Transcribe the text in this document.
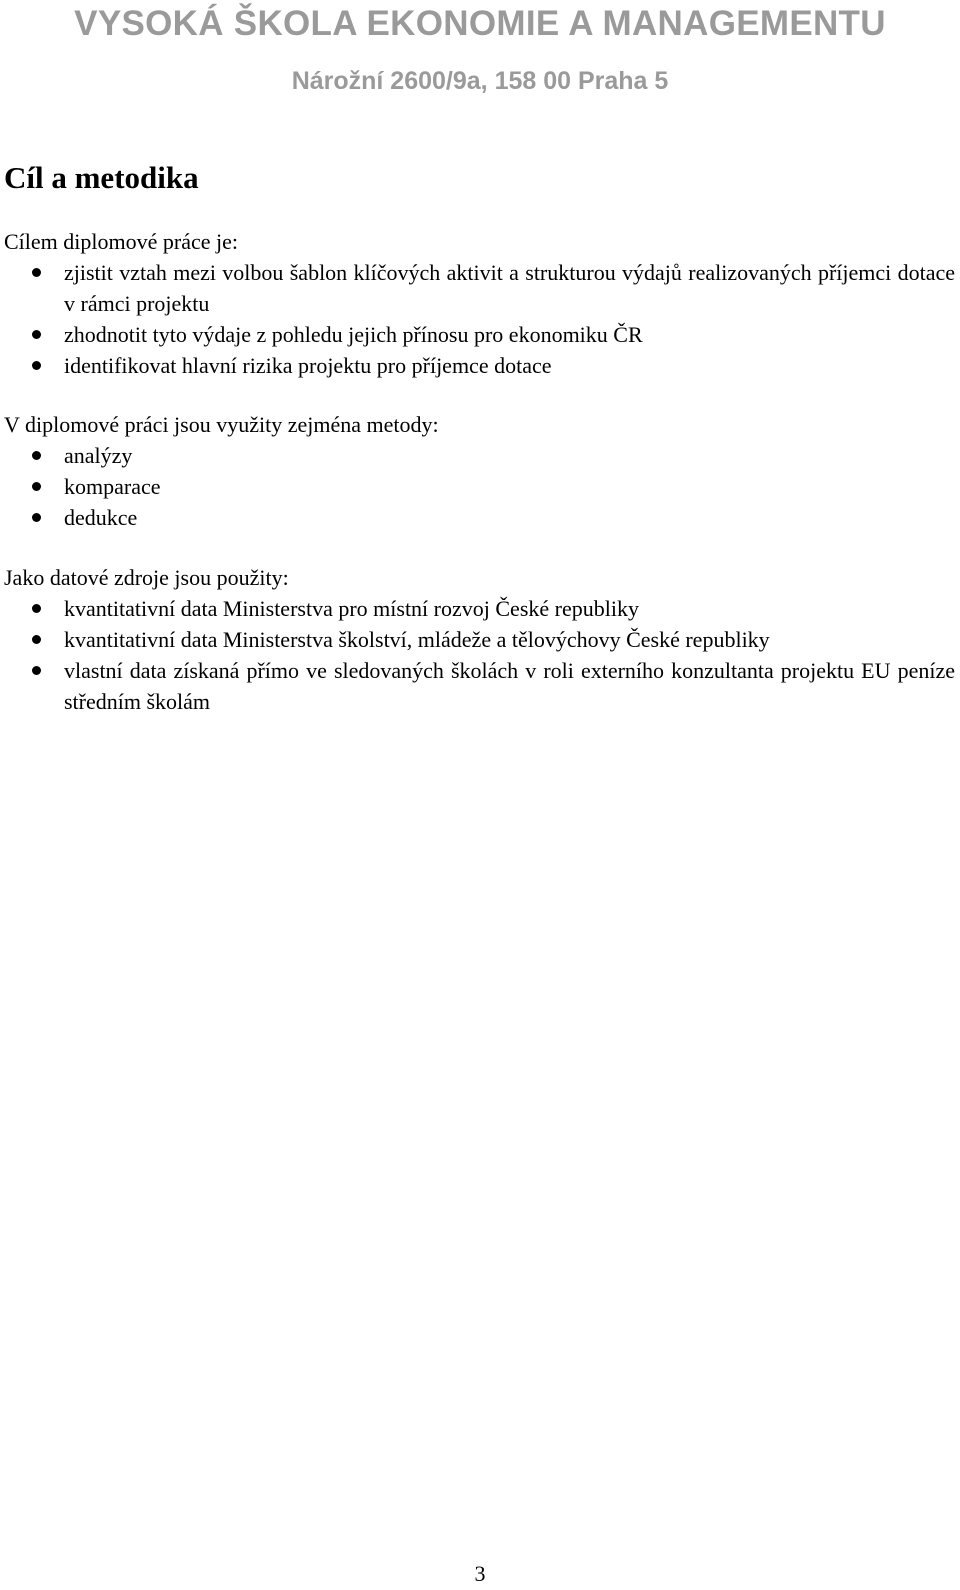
VYSOKÁ ŠKOLA EKONOMIE A MANAGEMENTU
Nárožní 2600/9a, 158 00 Praha 5
Cíl a metodika
Cílem diplomové práce je:
zjistit vztah mezi volbou šablon klíčových aktivit a strukturou výdajů realizovaných příjemci dotace v rámci projektu
zhodnotit tyto výdaje z pohledu jejich přínosu pro ekonomiku ČR
identifikovat hlavní rizika projektu pro příjemce dotace
V diplomové práci jsou využity zejména metody:
analýzy
komparace
dedukce
Jako datové zdroje jsou použity:
kvantitativní data Ministerstva pro místní rozvoj České republiky
kvantitativní data Ministerstva školství, mládeže a tělovýchovy České republiky
vlastní data získaná přímo ve sledovaných školách v roli externího konzultanta projektu EU peníze středním školám
3
